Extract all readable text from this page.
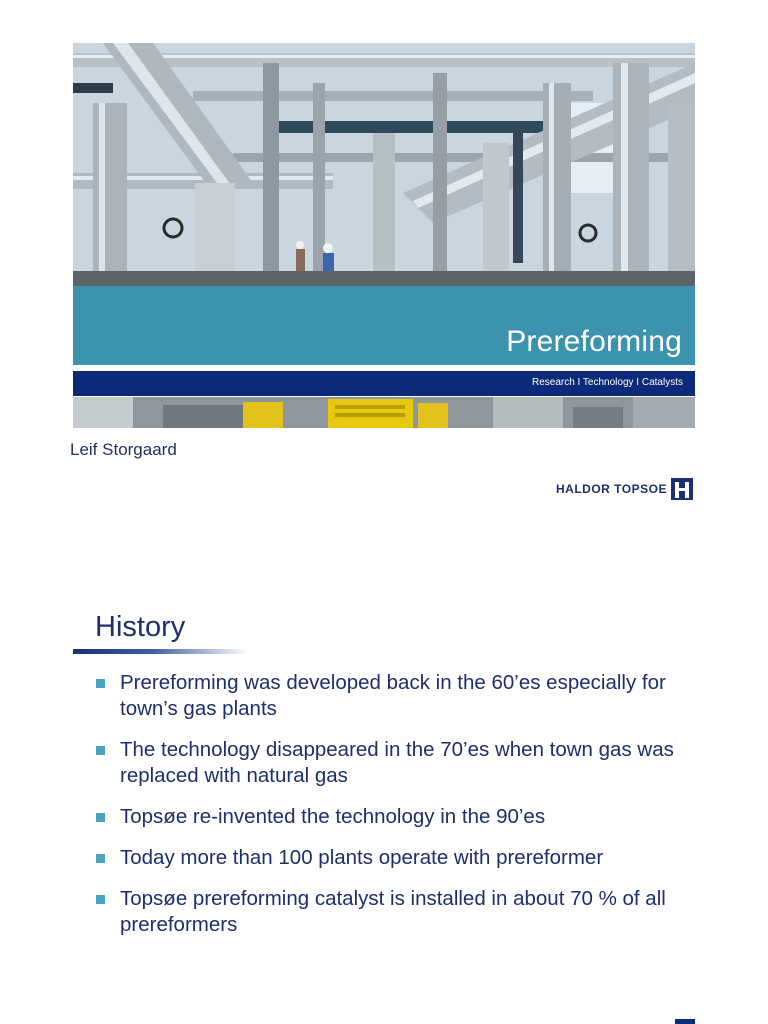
Prereforming
Research I Technology I Catalysts
Leif Storgaard
HALDOR TOPSOE
History
Prereforming was developed back in the 60’es especially for town’s gas plants
The technology disappeared in the 70’es when town gas was replaced with natural gas
Topsøe re-invented the technology in the 90’es
Today more than 100 plants operate with prereformer
Topsøe prereforming catalyst is installed in about 70 % of all prereformers
